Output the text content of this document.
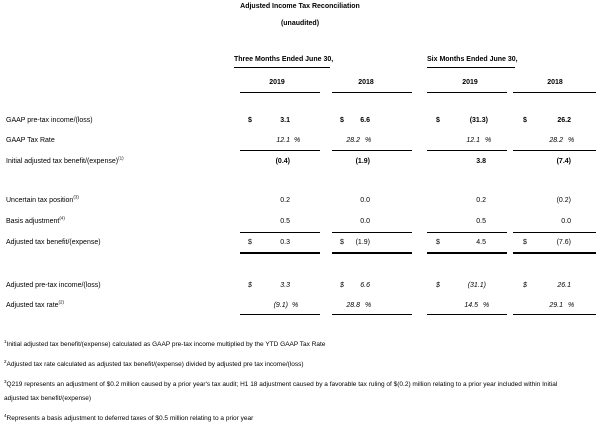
Adjusted Income Tax Reconciliation
(unaudited)
Three Months Ended June 30,	Six Months Ended June 30,
2019	2018	2019	2018
GAAP pre-tax income/(loss)	$	3.1	$	6.6	$	(31.3)	$	26.2
GAAP Tax Rate	12.1 %	28.2 %	12.1 %	28.2 %
Initial adjusted tax benefit/(expense)$^{(1)}$	(0.4)	(1.9)	3.8	(7.4)
Uncertain tax position$^{(3)}$	0.2	0.0	0.2	(0.2)
Basis adjustment$^{(4)}$	0.5	0.0	0.5	0.0
Adjusted tax benefit/(expense)	$	0.3	$	(1.9)	$	4.5	$	(7.6)
Adjusted pre-tax income/(loss)	$	3.3	$	6.6	$	(31.1)	$	26.1
Adjusted tax rate$^{(2)}$	(9.1) %	28.8 %	14.5 %	29.1 %
$^1$Initial adjusted tax benefit/(expense) calculated as GAAP pre-tax income multiplied by the YTD GAAP Tax Rate
$^2$Adjusted tax rate calculated as adjusted tax benefit/(expense) divided by adjusted pre tax income/(loss)
$^3$Q219 represents an adjustment of $0.2 million caused by a prior year's tax audit; H1 18 adjustment caused by a favorable tax ruling of $(0.2) million relating to a prior year included within Initial
adjusted tax benefit/(expense)
$^4$Represents a basis adjustment to deferred taxes of $0.5 million relating to a prior year
